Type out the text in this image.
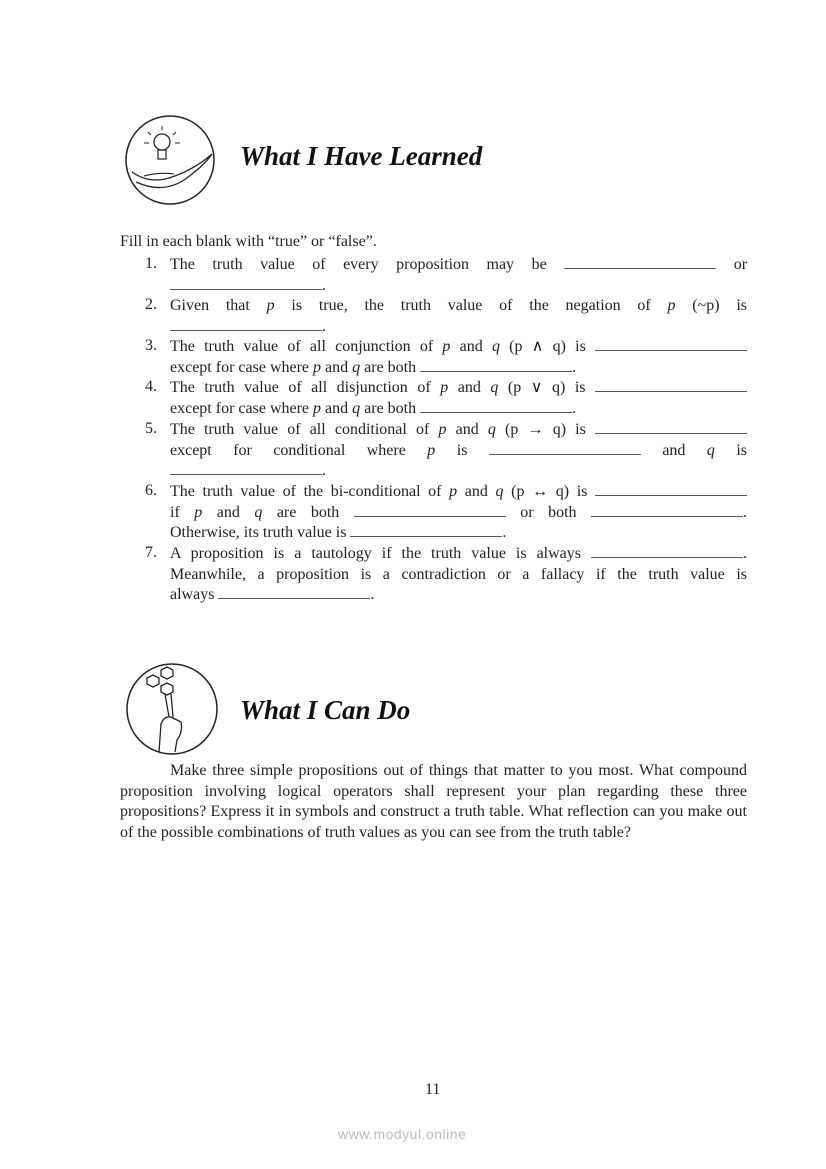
What I Have Learned
Fill in each blank with “true” or “false”.
1. The truth value of every proposition may be	or
.
2. Given that p is true, the truth value of the negation of p (~p) is
.
3. The truth value of all conjunction of p and q (p ∧ q) is
except for case where p and q are both	.
4. The truth value of all disjunction of p and q (p ∨ q) is
except for case where p and q are both	.
5. The truth value of all conditional of p and q (p → q) is
except for conditional where p is	and q is
.
6. The truth value of the bi-conditional of p and q (p ↔ q) is
if p and q are both	or both	.
Otherwise, its truth value is	.
7. A proposition is a tautology if the truth value is always	.
Meanwhile, a proposition is a contradiction or a fallacy if the truth value is
always	.
What I Can Do
Make three simple propositions out of things that matter to you most. What compound proposition involving logical operators shall represent your plan regarding these three propositions? Express it in symbols and construct a truth table. What reflection can you make out of the possible combinations of truth values as you can see from the truth table?
11
www.modyul.online
